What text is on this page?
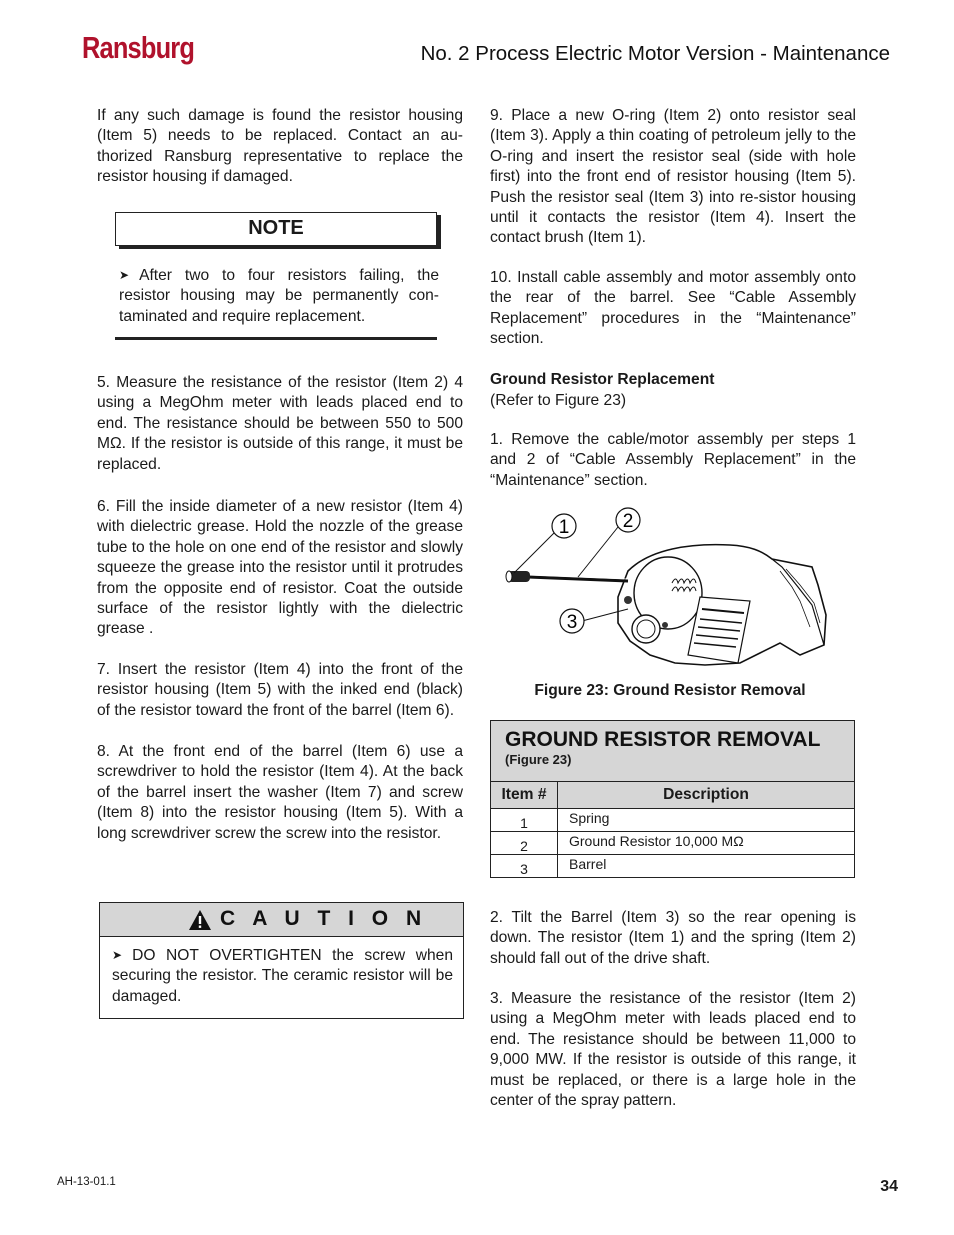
Ransburg	No. 2 Process Electric Motor Version - Maintenance

If any such damage is found the resistor housing (Item 5) needs to be replaced. Contact an au-thorized Ransburg representative to replace the resistor housing if damaged.

NOTE
➤ After two to four resistors failing, the resistor housing may be permanently con-taminated and require replacement.

5. Measure the resistance of the resistor (Item 2) 4 using a MegOhm meter with leads placed end to end. The resistance should be between 550 to 500 MΩ. If the resistor is outside of this range, it must be replaced.

6. Fill the inside diameter of a new resistor (Item 4) with dielectric grease. Hold the nozzle of the grease tube to the hole on one end of the resistor and slowly squeeze the grease into the resistor until it protrudes from the opposite end of resistor. Coat the outside surface of the resistor lightly with the dielectric grease .

7. Insert the resistor (Item 4) into the front of the resistor housing (Item 5) with the inked end (black) of the resistor toward the front of the barrel (Item 6).

8. At the front end of the barrel (Item 6) use a screwdriver to hold the resistor (Item 4). At the back of the barrel insert the washer (Item 7) and screw (Item 8) into the resistor housing (Item 5). With a long screwdriver screw the screw into the resistor.

C A U T I O N
➤ DO NOT OVERTIGHTEN the screw when securing the resistor. The ceramic resistor will be damaged.

9. Place a new O-ring (Item 2) onto resistor seal (Item 3). Apply a thin coating of petroleum jelly to the O-ring and insert the resistor seal (side with hole first) into the front end of resistor housing (Item 5). Push the resistor seal (Item 3) into re-sistor housing until it contacts the resistor (Item 4). Insert the contact brush (Item 1).

10. Install cable assembly and motor assembly onto the rear of the barrel. See “Cable Assembly Replacement” procedures in the “Maintenance” section.

Ground Resistor Replacement
(Refer to Figure 23)

1. Remove the cable/motor assembly per steps 1 and 2 of “Cable Assembly Replacement” in the “Maintenance” section.

1	2
3
Figure 23: Ground Resistor Removal
GROUND RESISTOR REMOVAL
(Figure 23)
Item #	Description
1	Spring
2	Ground Resistor 10,000 MΩ
3	Barrel

2. Tilt the Barrel (Item 3) so the rear opening is down. The resistor (Item 1) and the spring (Item 2) should fall out of the drive shaft.

3. Measure the resistance of the resistor (Item 2) using a MegOhm meter with leads placed end to end. The resistance should be between 11,000 to 9,000 MW. If the resistor is outside of this range, it must be replaced, or there is a large hole in the center of the spray pattern.

AH-13-01.1	34
